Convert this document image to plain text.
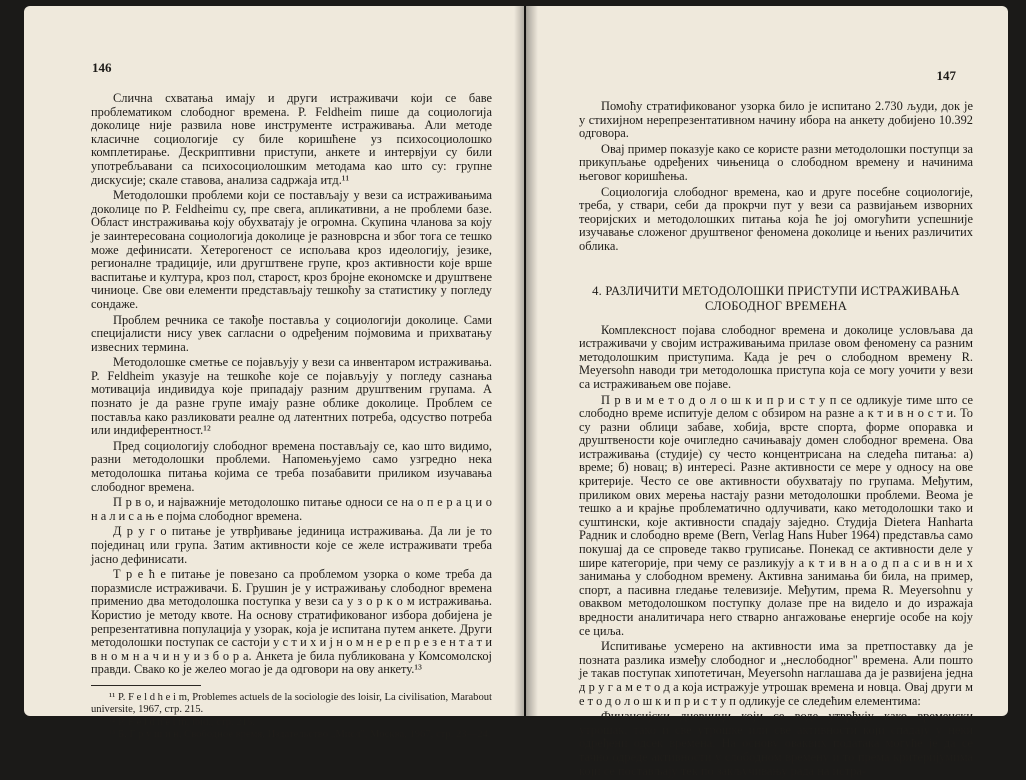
146

Слична схватања имају и други истраживачи који се баве проблематиком слободног времена. P. Feldheim пише да социологија доколице није развила нове инструменте истраживања. Али методе класичне социологије су биле коришћене уз психосоциолошко комплетирање. Дескриптивни приступи, анкете и интервјуи су били употребљавани са психосоциолошким методама као што су: групне дискусије; скале ставова, анализа садржаја итд.¹¹

Методолошки проблеми који се постављају у вези са истраживањима доколице по P. Feldheimu су, пре свега, апликативни, а не проблеми базе. Област инстраживања коју обухватају је огромна. Скупина чланова за коју је заинтересована социологија доколице је разноврсна и због тога се тешко може дефинисати. Хетерогеност се испољава кроз идеологију, језике, регионалне традиције, или другштвене групе, кроз активности које врше васпитање и културa, кроз пол, старост, кроз бројне економске и друштвене чиниоце. Све ови елементи представљају тешкоћу за статистику у погледу сондаже.

Проблем речника се такође поставља у социологији доколице. Сами специјалисти нису увек сагласни о одређеним појмовима и прихватању извесних термина.

Методолошке сметње се појављују у вези са инвентаром истраживања. P. Feldheim указује на тешкоће које се појављују у погледу сазнања мотивација индивидуа које припадају разним друштвеним групама. А познато је да разне групе имају разне облике доколице. Проблем се поставља како разликовати реалне од латентних потреба, одсуство потреба или индиферентност.¹²

Пред социологију слободног времена постављају се, као што видимо, разни методолошки проблеми. Напомењујемо само узгредно нека методолошка питања којима се треба позабавити приликом изучавања слободног времена.

П р в о, и најважније методолошко питање односи се на о п е р а ц и о н а л и с а њ е појма слободног времена.

Д р у г о питање је утврђивање јединица истраживања. Да ли је то појединац или група. Затим активности које се желе истраживати треба јасно дефинисати.

Т р е ћ е питање је повезано са проблемом узорка о коме треба да поразмисле истраживачи. Б. Грушин је у истраживању слободног времена применио два методолошка поступка у вези са у з о р к о м истраживања. Користио је методу квоте. На основу стратификованог избора добијена је репрезентативна популација у узорак, која је испитана путем анкете. Други методолошки поступак се састоји у с т и х и ј н о м н е р е п р е з е н т а т и в н о м н а ч и н у и з б о р а. Анкета је била публикована у Комсомолској правди. Свако ко је желео могао је да одговори на ову анкету.¹³

¹¹ P. F e l d h e i m, Problemes actuels de la sociologie des loisir, La civilisation, Marabout universite, 1967, стр. 215.

¹² P. F e l d h e i m, ibid., стр. 215.

¹³ Б. Г р у ш и н, Свободное время, Издательство „Мисл", Москва, 1967, стр. 23—24.

147

Помоћу стратификованог узорка било је испитано 2.730 људи, док је у стихијном нерепрезентативном начину ибора на анкету добијено 10.392 одговора.

Овај пример показује како се користе разни методолошки поступци за прикупљање одређених чињеница о слободном времену и начинима његовог коришћења.

Социологија слободног времена, као и друге посебне социологије, треба, у ствари, себи да прокрчи пут у вези са развијањем изворних теоријских и методолошких питања која ће јој омогућити успешније изучавање сложеног друштвеног феномена доколице и њених различитих облика.

4. РАЗЛИЧИТИ МЕТОДОЛОШКИ ПРИСТУПИ ИСТРАЖИВАЊА СЛОБОДНОГ ВРЕМЕНА

Комплексност појава слободног времена и доколице условљава да истраживачи у својим истраживањима прилазе овом феномену са разним методолошким приступима. Када је реч о слободном времену R. Meyersohn наводи три методолошка приступа која се могу уочити у вези са истраживањем ове појаве.

П р в и м е т о д о л о ш к и п р и с т у п се одликује тиме што се слободно време испитује делом с обзиром на разне а к т и в н о с т и. То су разни облици забаве, хобија, врсте спорта, форме опоравка и друштвености које очигледно сачињавају домен слободног времена. Ова истраживања (студије) су често концентрисана на следећа питања: а) време; б) новац; в) интересi. Разне активности се мере у односу на ове критерије. Често се ове активности обухватају по групама. Међутим, приликом ових мерења настају разни методолошки проблеми. Веома је тешко а и крајње проблематично одлучивати, како методолошки тако и суштински, које активности спадају заједно. Студија Dietera Hanharta Радник и слободно време (Bern, Verlag Hans Huber 1964) представља само покушај да се спроведе такво груписање. Понекад се активности деле у шире категорије, при чему се разликују а к т и в н а о д п а с и в н и х занимања у слободном времену. Активна занимања би била, на пример, спорт, а пасивна гледање телевизије. Међутим, према R. Meyersohnu у оваквом методолошком поступку долазе пре на видело и до изражаја вредности аналитичара него стварно ангажовање енергије особе на коју се циља.

Испитивање усмерено на активности има за претпоставку да је позната разлика између слободног и „неслободног" времена. Али пошто је такав поступак хипотетичан, Meyersohn наглашава да је развијена једна д р у г а м е т о д а која истражује утрошак времена и новца. Овај други м е т о д о л о ш к и п р и с т у п одликује се следећим елементима:

Финансијски дневници који се воде утврђују како временски утрошак, тако и све утрошке или све активности који спадају у неки одређени одсек времена. На основу оваквих података могуће је да се тачно одреде активности у слободном времену и то према критеријумима који се постављају тек по закључивању рада на истра-
